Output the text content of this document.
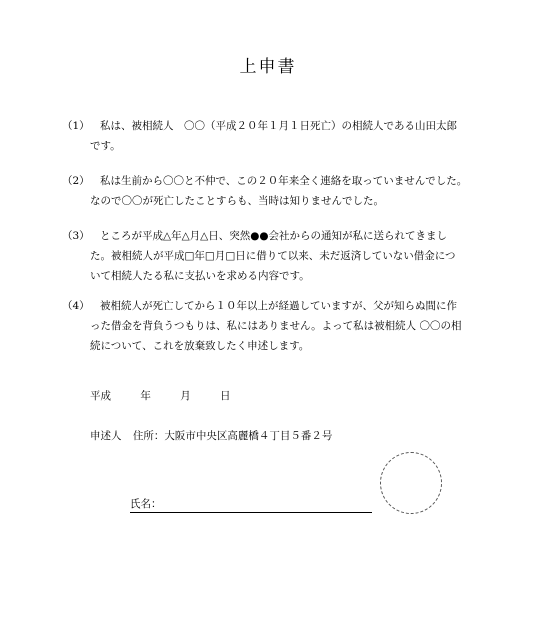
上申書
（1） 私は、被相続人　〇〇（平成２０年１月１日死亡）の相続人である山田太郎
です。
（2） 私は生前から〇〇と不仲で、この２０年来全く連絡を取っていませんでした。
なので〇〇が死亡したことすらも、当時は知りませんでした。
（3） ところが平成△年△月△日、突然●●会社からの通知が私に送られてきまし
た。被相続人が平成□年□月□日に借りて以来、未だ返済していない借金につ
いて相続人たる私に支払いを求める内容です。
（4） 被相続人が死亡してから１０年以上が経過していますが、父が知らぬ間に作
った借金を背負うつもりは、私にはありません。よって私は被相続人 〇〇の相
続について、これを放棄致したく申述します。
平成	年	月	日
申述人 住所：大阪市中央区高麗橋４丁目５番２号
氏名：
